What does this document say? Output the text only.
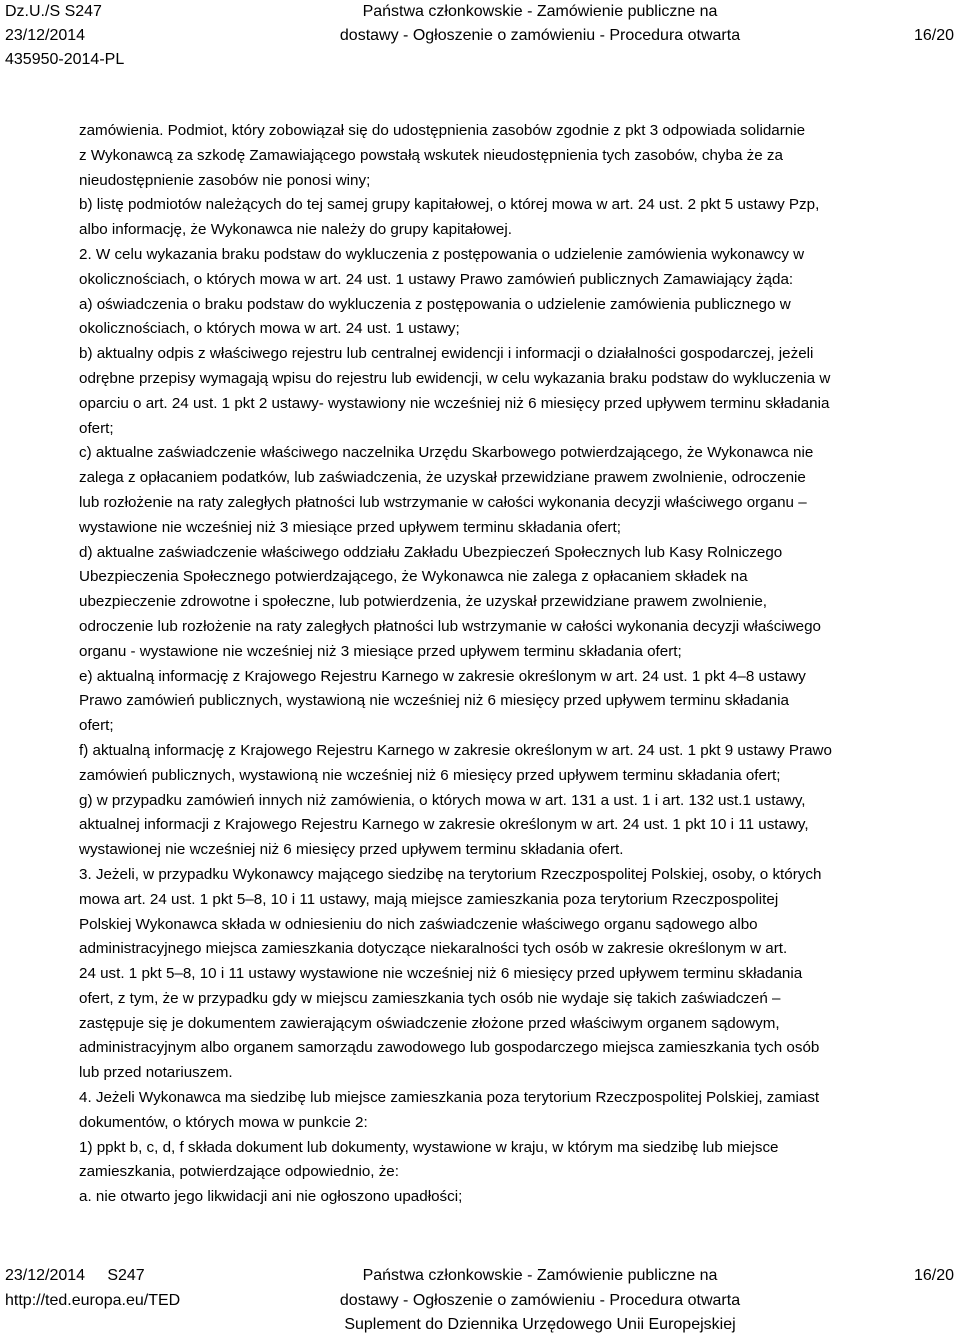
Dz.U./S S247
23/12/2014
435950-2014-PL
Państwa członkowskie - Zamówienie publiczne na
dostawy - Ogłoszenie o zamówieniu - Procedura otwarta	16/20

zamówienia. Podmiot, który zobowiązał się do udostępnienia zasobów zgodnie z pkt 3 odpowiada solidarnie

z Wykonawcą za szkodę Zamawiającego powstałą wskutek nieudostępnienia tych zasobów, chyba że za

nieudostępnienie zasobów nie ponosi winy;

b) listę podmiotów należących do tej samej grupy kapitałowej, o której mowa w art. 24 ust. 2 pkt 5 ustawy Pzp,

albo informację, że Wykonawca nie należy do grupy kapitałowej.

2. W celu wykazania braku podstaw do wykluczenia z postępowania o udzielenie zamówienia wykonawcy w

okolicznościach, o których mowa w art. 24 ust. 1 ustawy Prawo zamówień publicznych Zamawiający żąda:

a) oświadczenia o braku podstaw do wykluczenia z postępowania o udzielenie zamówienia publicznego w

okolicznościach, o których mowa w art. 24 ust. 1 ustawy;

b) aktualny odpis z właściwego rejestru lub centralnej ewidencji i informacji o działalności gospodarczej, jeżeli

odrębne przepisy wymagają wpisu do rejestru lub ewidencji, w celu wykazania braku podstaw do wykluczenia w

oparciu o art. 24 ust. 1 pkt 2 ustawy- wystawiony nie wcześniej niż 6 miesięcy przed upływem terminu składania

ofert;

c) aktualne zaświadczenie właściwego naczelnika Urzędu Skarbowego potwierdzającego, że Wykonawca nie

zalega z opłacaniem podatków, lub zaświadczenia, że uzyskał przewidziane prawem zwolnienie, odroczenie

lub rozłożenie na raty zaległych płatności lub wstrzymanie w całości wykonania decyzji właściwego organu –

wystawione nie wcześniej niż 3 miesiące przed upływem terminu składania ofert;

d) aktualne zaświadczenie właściwego oddziału Zakładu Ubezpieczeń Społecznych lub Kasy Rolniczego

Ubezpieczenia Społecznego potwierdzającego, że Wykonawca nie zalega z opłacaniem składek na

ubezpieczenie zdrowotne i społeczne, lub potwierdzenia, że uzyskał przewidziane prawem zwolnienie,

odroczenie lub rozłożenie na raty zaległych płatności lub wstrzymanie w całości wykonania decyzji właściwego

organu - wystawione nie wcześniej niż 3 miesiące przed upływem terminu składania ofert;

e) aktualną informację z Krajowego Rejestru Karnego w zakresie określonym w art. 24 ust. 1 pkt 4–8 ustawy

Prawo zamówień publicznych, wystawioną nie wcześniej niż 6 miesięcy przed upływem terminu składania

ofert;

f) aktualną informację z Krajowego Rejestru Karnego w zakresie określonym w art. 24 ust. 1 pkt 9 ustawy Prawo

zamówień publicznych, wystawioną nie wcześniej niż 6 miesięcy przed upływem terminu składania ofert;

g) w przypadku zamówień innych niż zamówienia, o których mowa w art. 131 a ust. 1 i art. 132 ust.1 ustawy,

aktualnej informacji z Krajowego Rejestru Karnego w zakresie określonym w art. 24 ust. 1 pkt 10 i 11 ustawy,

wystawionej nie wcześniej niż 6 miesięcy przed upływem terminu składania ofert.

3. Jeżeli, w przypadku Wykonawcy mającego siedzibę na terytorium Rzeczpospolitej Polskiej, osoby, o których

mowa art. 24 ust. 1 pkt 5–8, 10 i 11 ustawy, mają miejsce zamieszkania poza terytorium Rzeczpospolitej

Polskiej Wykonawca składa w odniesieniu do nich zaświadczenie właściwego organu sądowego albo

administracyjnego miejsca zamieszkania dotyczące niekaralności tych osób w zakresie określonym w art.

24 ust. 1 pkt 5–8, 10 i 11 ustawy wystawione nie wcześniej niż 6 miesięcy przed upływem terminu składania

ofert, z tym, że w przypadku gdy w miejscu zamieszkania tych osób nie wydaje się takich zaświadczeń –

zastępuje się je dokumentem zawierającym oświadczenie złożone przed właściwym organem sądowym,

administracyjnym albo organem samorządu zawodowego lub gospodarczego miejsca zamieszkania tych osób

lub przed notariuszem.

4. Jeżeli Wykonawca ma siedzibę lub miejsce zamieszkania poza terytorium Rzeczpospolitej Polskiej, zamiast

dokumentów, o których mowa w punkcie 2:

1) ppkt b, c, d, f składa dokument lub dokumenty, wystawione w kraju, w którym ma siedzibę lub miejsce

zamieszkania, potwierdzające odpowiednio, że:

a. nie otwarto jego likwidacji ani nie ogłoszono upadłości;

23/12/2014 S247
http://ted.europa.eu/TED
Państwa członkowskie - Zamówienie publiczne na
dostawy - Ogłoszenie o zamówieniu - Procedura otwarta
Suplement do Dziennika Urzędowego Unii Europejskiej
16/20
